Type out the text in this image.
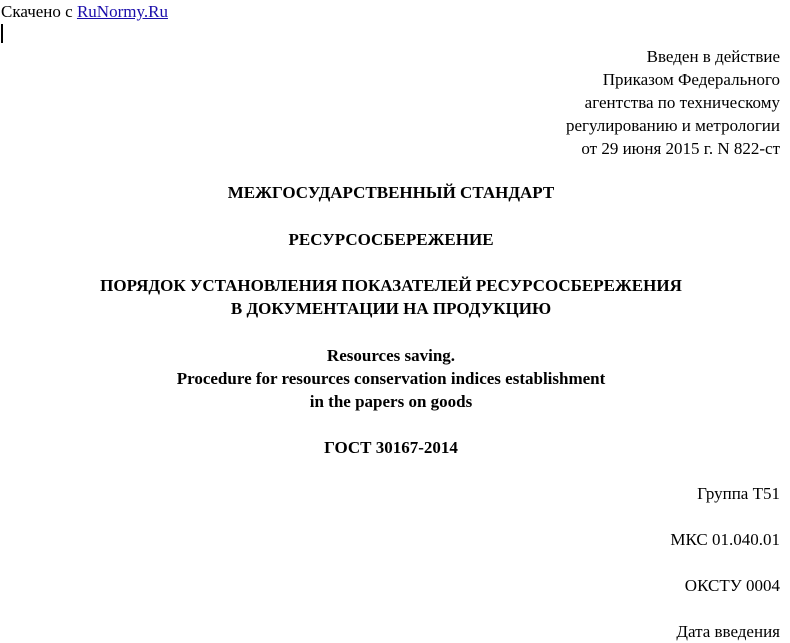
Скачено с RuNormy.Ru
Введен в действие
Приказом Федерального
агентства по техническому
регулированию и метрологии
от 29 июня 2015 г. N 822-ст
МЕЖГОСУДАРСТВЕННЫЙ СТАНДАРТ
РЕСУРСОСБЕРЕЖЕНИЕ
ПОРЯДОК УСТАНОВЛЕНИЯ ПОКАЗАТЕЛЕЙ РЕСУРСОСБЕРЕЖЕНИЯ
В ДОКУМЕНТАЦИИ НА ПРОДУКЦИЮ
Resources saving.
Procedure for resources conservation indices establishment
in the papers on goods
ГОСТ 30167-2014
Группа Т51
МКС 01.040.01
ОКСТУ 0004
Дата введения
